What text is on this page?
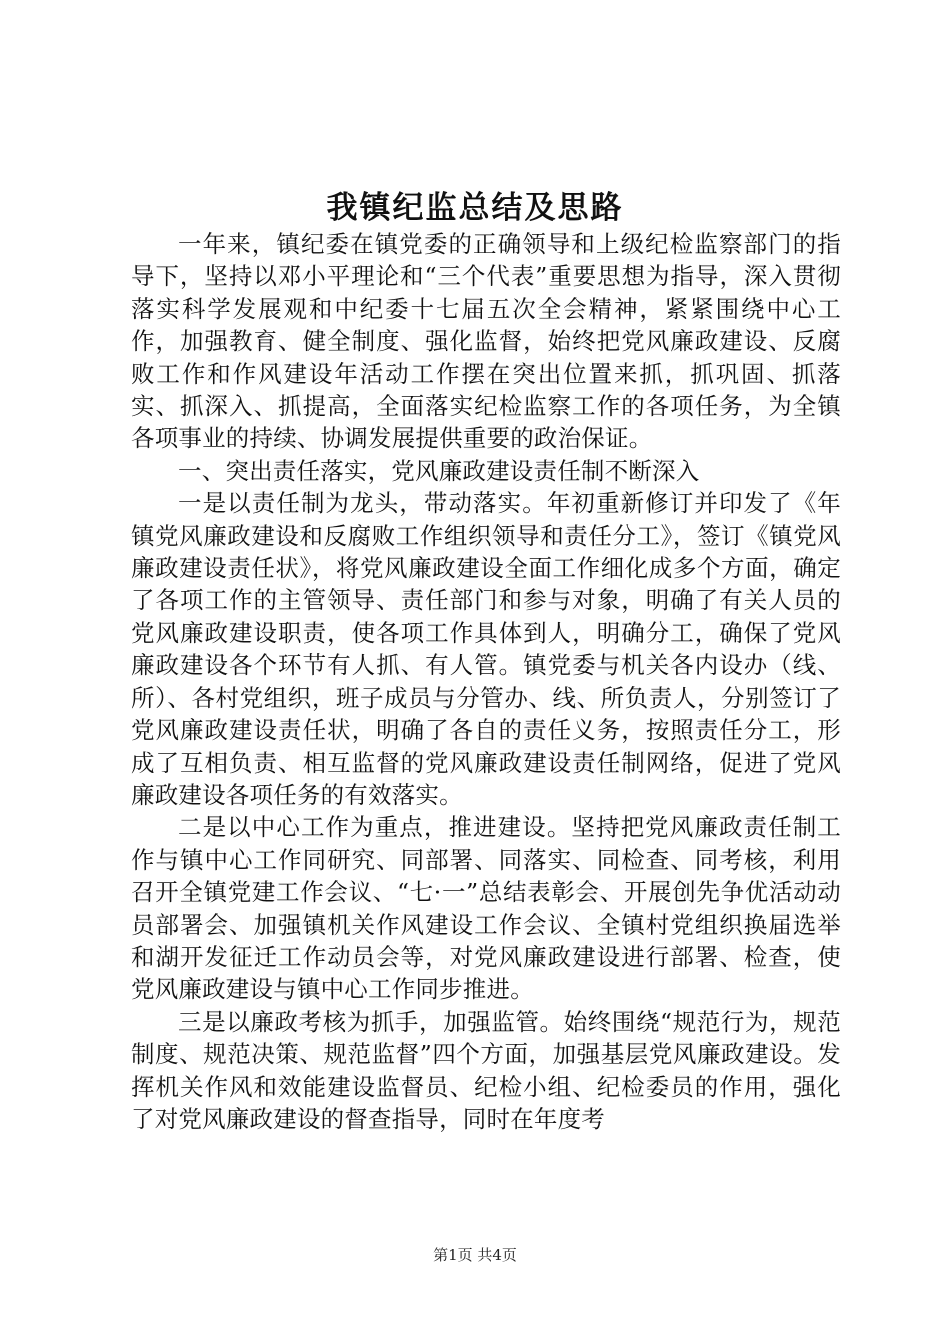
我镇纪监总结及思路

一年来，镇纪委在镇党委的正确领导和上级纪检监察部门的指导下，坚持以邓小平理论和“三个代表”重要思想为指导，深入贯彻落实科学发展观和中纪委十七届五次全会精神，紧紧围绕中心工作，加强教育、健全制度、强化监督，始终把党风廉政建设、反腐败工作和作风建设年活动工作摆在突出位置来抓，抓巩固、抓落实、抓深入、抓提高，全面落实纪检监察工作的各项任务，为全镇各项事业的持续、协调发展提供重要的政治保证。

一、突出责任落实，党风廉政建设责任制不断深入

一是以责任制为龙头，带动落实。年初重新修订并印发了《年镇党风廉政建设和反腐败工作组织领导和责任分工》，签订《镇党风廉政建设责任状》，将党风廉政建设全面工作细化成多个方面，确定了各项工作的主管领导、责任部门和参与对象，明确了有关人员的党风廉政建设职责，使各项工作具体到人，明确分工，确保了党风廉政建设各个环节有人抓、有人管。镇党委与机关各内设办（线、所）、各村党组织，班子成员与分管办、线、所负责人，分别签订了党风廉政建设责任状，明确了各自的责任义务，按照责任分工，形成了互相负责、相互监督的党风廉政建设责任制网络，促进了党风廉政建设各项任务的有效落实。

二是以中心工作为重点，推进建设。坚持把党风廉政责任制工作与镇中心工作同研究、同部署、同落实、同检查、同考核，利用召开全镇党建工作会议、“七·一”总结表彰会、开展创先争优活动动员部署会、加强镇机关作风建设工作会议、全镇村党组织换届选举和湖开发征迁工作动员会等，对党风廉政建设进行部署、检查，使党风廉政建设与镇中心工作同步推进。

三是以廉政考核为抓手，加强监管。始终围绕“规范行为，规范制度、规范决策、规范监督”四个方面，加强基层党风廉政建设。发挥机关作风和效能建设监督员、纪检小组、纪检委员的作用，强化了对党风廉政建设的督查指导，同时在年度考

第1页 共4页
